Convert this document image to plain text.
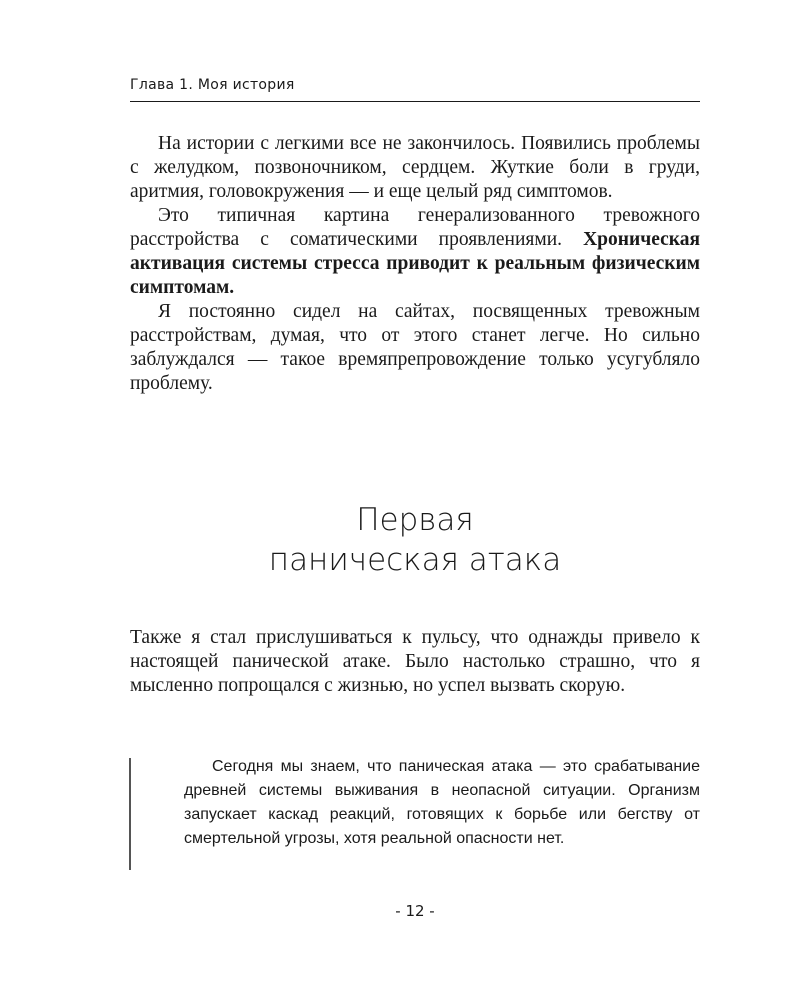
Глава 1. Моя история

На истории с легкими все не закончилось. Появились проблемы с желудком, позвоночником, сердцем. Жуткие боли в груди, аритмия, головокружения — и еще целый ряд симптомов.

Это типичная картина генерализованного тревожного расстройства с соматическими проявлениями. Хроническая активация системы стресса приводит к реальным физическим симптомам.

Я постоянно сидел на сайтах, посвященных тревожным расстройствам, думая, что от этого станет легче. Но сильно заблуждался — такое времяпрепровождение только усугубляло проблему.

Первая
паническая атака

Также я стал прислушиваться к пульсу, что однажды привело к настоящей панической атаке. Было настолько страшно, что я мысленно попрощался с жизнью, но успел вызвать скорую.

Сегодня мы знаем, что паническая атака — это срабатывание древней системы выживания в неопасной ситуации. Организм запускает каскад реакций, готовящих к борьбе или бегству от смертельной угрозы, хотя реальной опасности нет.

- 12 -
